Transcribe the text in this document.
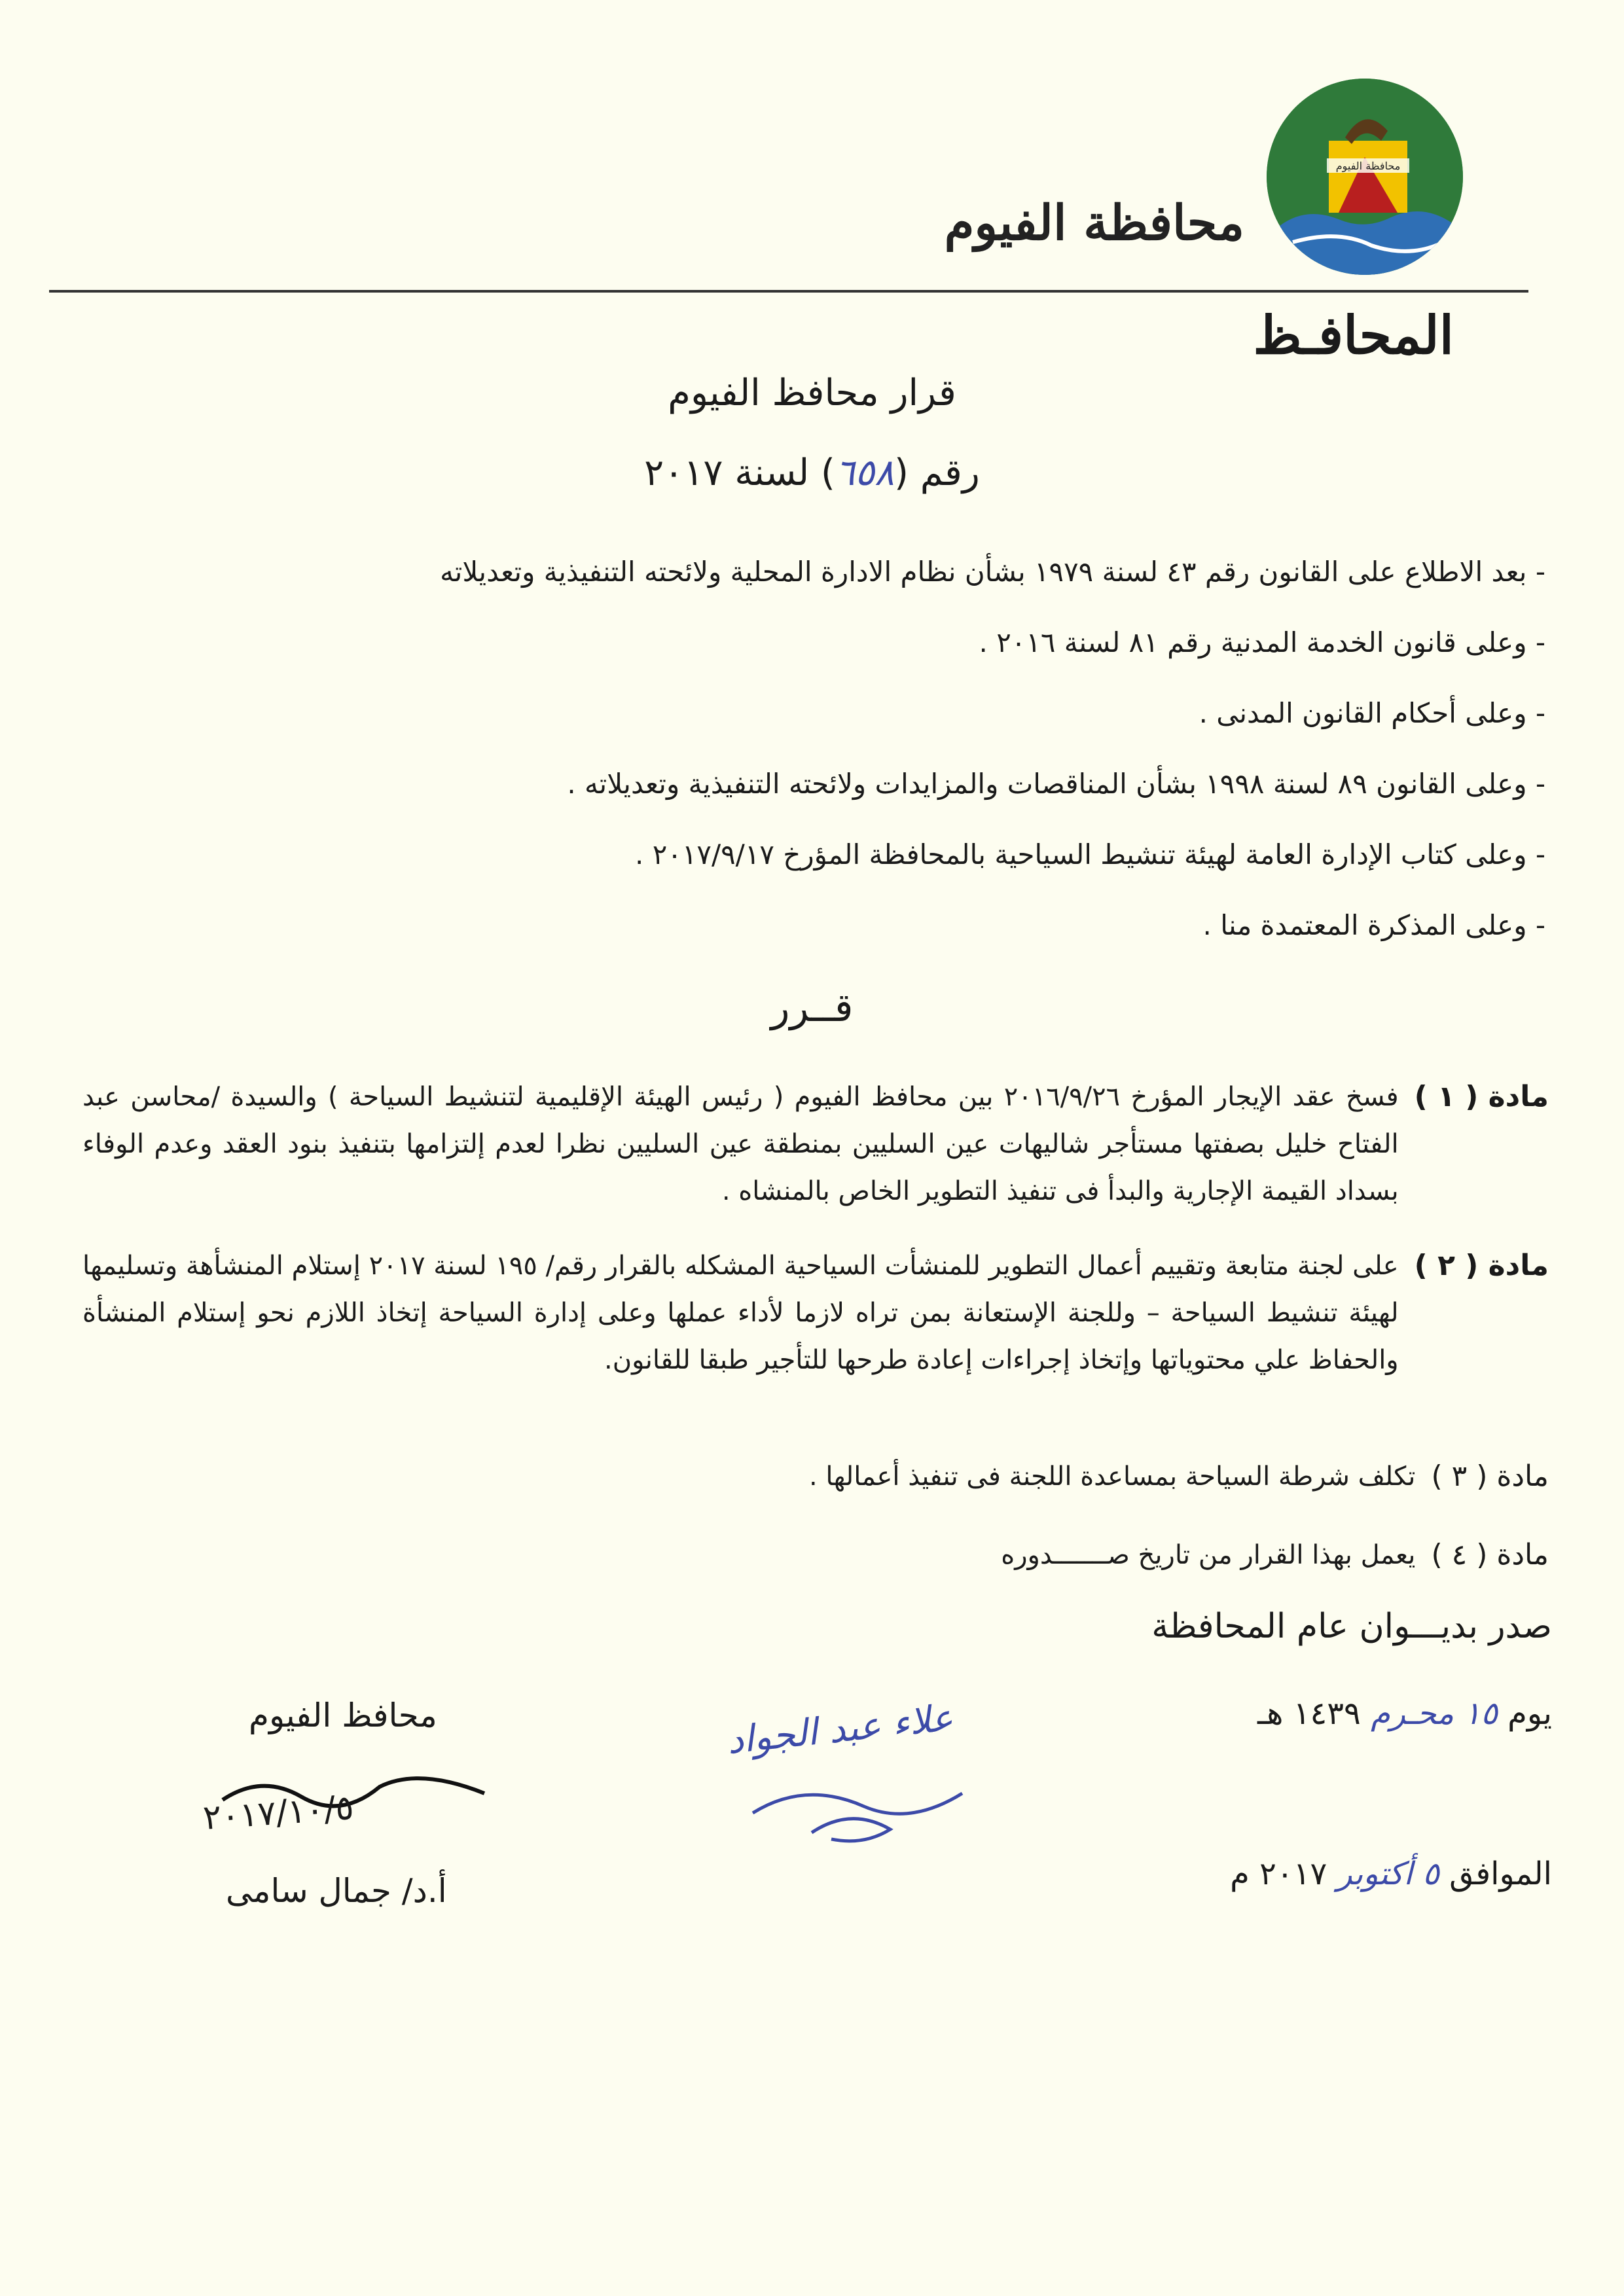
محافظة الفيوم
محافظة الفيوم
المحافـظ
قرار محافظ الفيوم
رقم (٦٥٨) لسنة ٢٠١٧
- بعد الاطلاع على القانون رقم ٤٣ لسنة ١٩٧٩ بشأن نظام الادارة المحلية ولائحته التنفيذية وتعديلاته
- وعلى قانون الخدمة المدنية رقم ٨١ لسنة ٢٠١٦ .
- وعلى أحكام القانون المدنى .
- وعلى القانون ٨٩ لسنة ١٩٩٨ بشأن المناقصات والمزايدات ولائحته التنفيذية وتعديلاته .
- وعلى كتاب الإدارة العامة لهيئة تنشيط السياحية بالمحافظة المؤرخ ٢٠١٧/٩/١٧ .
- وعلى المذكرة المعتمدة منا .
قــرر
مادة ( ١ )
فسخ عقد الإيجار المؤرخ ٢٠١٦/٩/٢٦ بين محافظ الفيوم ( رئيس الهيئة الإقليمية لتنشيط السياحة ) والسيدة /محاسن عبد الفتاح خليل بصفتها مستأجر شاليهات عين السليين بمنطقة عين السليين نظرا لعدم إلتزامها بتنفيذ بنود العقد وعدم الوفاء بسداد القيمة الإجارية والبدأ فى تنفيذ التطوير الخاص بالمنشاه .
مادة ( ٢ )
على لجنة متابعة وتقييم أعمال التطوير للمنشأت السياحية المشكله بالقرار رقم/ ١٩٥ لسنة ٢٠١٧ إستلام المنشأهة وتسليمها لهيئة تنشيط السياحة – وللجنة الإستعانة بمن تراه لازما لأداء عملها وعلى إدارة السياحة إتخاذ اللازم نحو إستلام المنشأة والحفاظ علي محتوياتها وإتخاذ إجراءات إعادة طرحها للتأجير طبقا للقانون.
مادة ( ٣ )
تكلف شرطة السياحة بمساعدة اللجنة فى تنفيذ أعمالها .
مادة ( ٤ )
يعمل بهذا القرار من تاريخ صـــــــدوره
صدر بديـــوان عام المحافظة
يوم ١٥ محـرم ١٤٣٩ هـ
الموافق ٥ أكتوبر ٢٠١٧ م
علاء عبد الجواد
محافظ الفيوم
٢٠١٧/١٠/٥
أ.د/ جمال سامى
